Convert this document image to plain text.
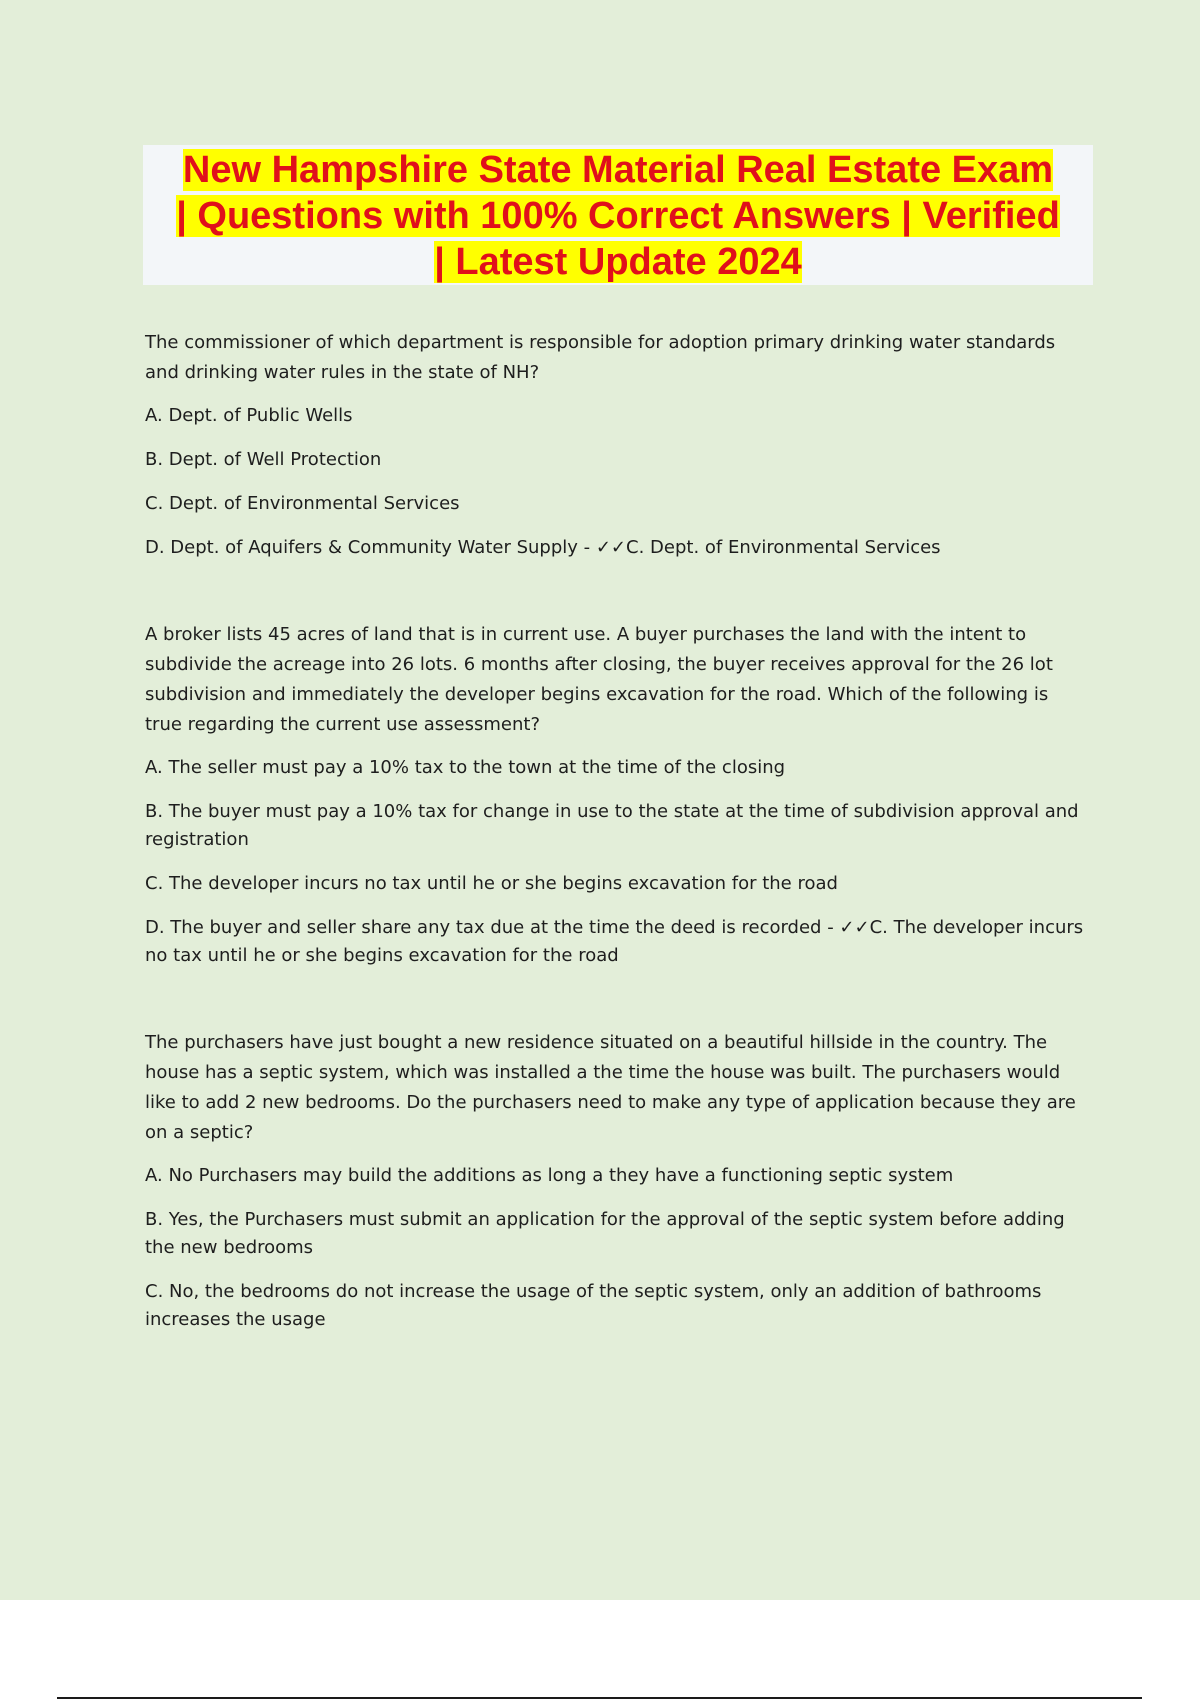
New Hampshire State Material Real Estate Exam
| Questions with 100% Correct Answers | Verified
| Latest Update 2024

The commissioner of which department is responsible for adoption primary drinking water standards and drinking water rules in the state of NH?

A. Dept. of Public Wells

B. Dept. of Well Protection

C. Dept. of Environmental Services

D. Dept. of Aquifers & Community Water Supply - ✓✓C. Dept. of Environmental Services

A broker lists 45 acres of land that is in current use. A buyer purchases the land with the intent to subdivide the acreage into 26 lots. 6 months after closing, the buyer receives approval for the 26 lot subdivision and immediately the developer begins excavation for the road. Which of the following is true regarding the current use assessment?

A. The seller must pay a 10% tax to the town at the time of the closing

B. The buyer must pay a 10% tax for change in use to the state at the time of subdivision approval and registration

C. The developer incurs no tax until he or she begins excavation for the road

D. The buyer and seller share any tax due at the time the deed is recorded - ✓✓C. The developer incurs no tax until he or she begins excavation for the road

The purchasers have just bought a new residence situated on a beautiful hillside in the country. The house has a septic system, which was installed a the time the house was built. The purchasers would like to add 2 new bedrooms. Do the purchasers need to make any type of application because they are on a septic?

A. No Purchasers may build the additions as long a they have a functioning septic system

B. Yes, the Purchasers must submit an application for the approval of the septic system before adding the new bedrooms

C. No, the bedrooms do not increase the usage of the septic system, only an addition of bathrooms increases the usage
